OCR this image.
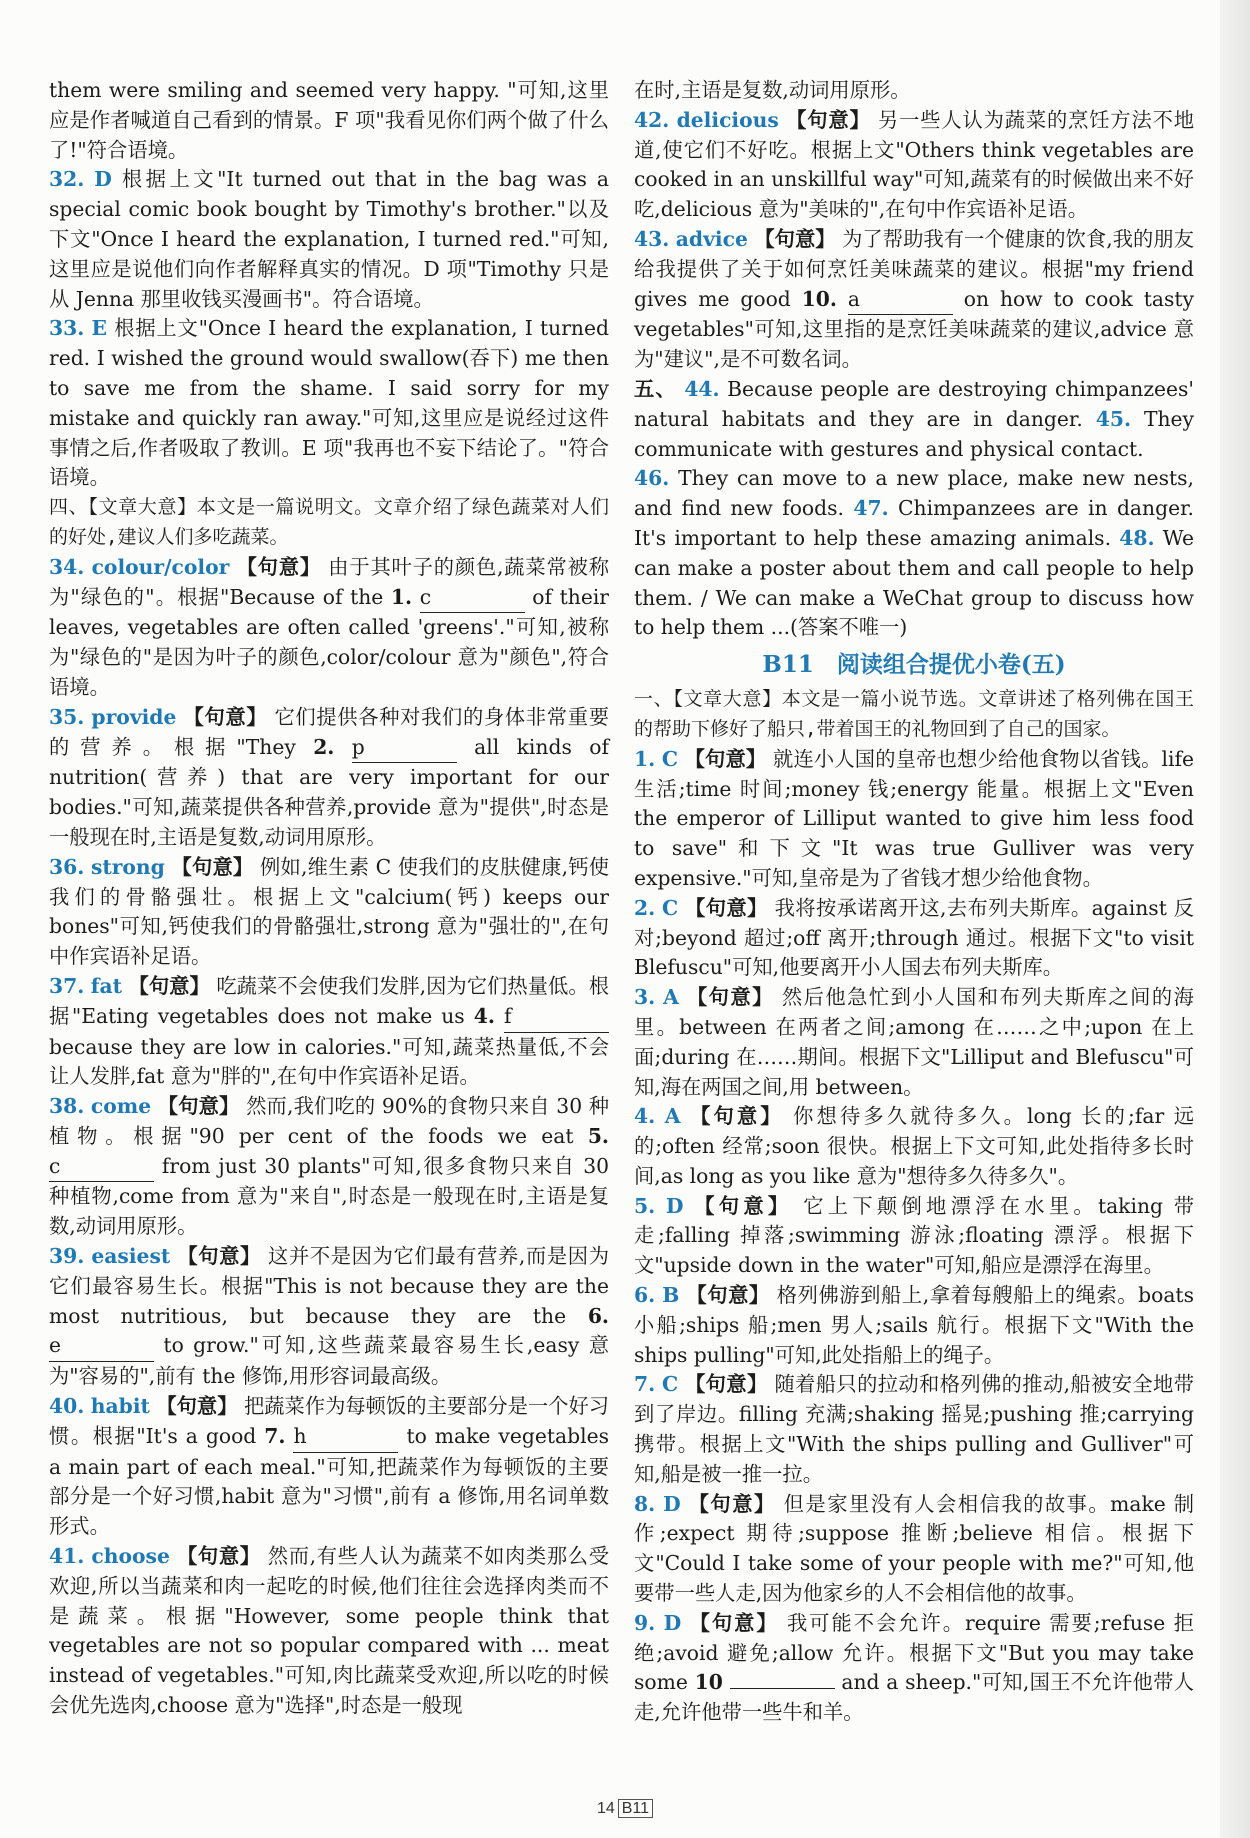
them were smiling and seemed very happy. "可知,这里应是作者喊道自己看到的情景。F 项"我看见你们两个做了什么了!"符合语境。

32. D 根据上文"It turned out that in the bag was a special comic book bought by Timothy's brother."以及下文"Once I heard the explanation, I turned red."可知,这里应是说他们向作者解释真实的情况。D 项"Timothy 只是从 Jenna 那里收钱买漫画书"。符合语境。

33. E 根据上文"Once I heard the explanation, I turned red. I wished the ground would swallow(吞下) me then to save me from the shame. I said sorry for my mistake and quickly ran away."可知,这里应是说经过这件事情之后,作者吸取了教训。E 项"我再也不妄下结论了。"符合语境。

四、【文章大意】本文是一篇说明文。文章介绍了绿色蔬菜对人们的好处,建议人们多吃蔬菜。

34. colour/color 【句意】 由于其叶子的颜色,蔬菜常被称为"绿色的"。根据"Because of the 1. c	of their leaves, vegetables are often called 'greens'."可知,被称为"绿色的"是因为叶子的颜色,color/colour 意为"颜色",符合语境。

35. provide 【句意】 它们提供各种对我们的身体非常重要的营养。根据"They 2. p	all kinds of nutrition(营养) that are very important for our bodies."可知,蔬菜提供各种营养,provide 意为"提供",时态是一般现在时,主语是复数,动词用原形。

36. strong 【句意】 例如,维生素 C 使我们的皮肤健康,钙使我们的骨骼强壮。根据上文"calcium(钙) keeps our bones"可知,钙使我们的骨骼强壮,strong 意为"强壮的",在句中作宾语补足语。

37. fat 【句意】 吃蔬菜不会使我们发胖,因为它们热量低。根据"Eating vegetables does not make us 4. f because they are low in calories."可知,蔬菜热量低,不会让人发胖,fat 意为"胖的",在句中作宾语补足语。

38. come 【句意】 然而,我们吃的 90%的食物只来自 30 种植物。根据"90 per cent of the foods we eat 5. c	from just 30 plants"可知,很多食物只来自 30 种植物,come from 意为"来自",时态是一般现在时,主语是复数,动词用原形。

39. easiest 【句意】 这并不是因为它们最有营养,而是因为它们最容易生长。根据"This is not because they are the most nutritious, but because they are the 6. e	to grow."可知,这些蔬菜最容易生长,easy 意为"容易的",前有 the 修饰,用形容词最高级。

40. habit 【句意】 把蔬菜作为每顿饭的主要部分是一个好习惯。根据"It's a good 7. h	to make vegetables a main part of each meal."可知,把蔬菜作为每顿饭的主要部分是一个好习惯,habit 意为"习惯",前有 a 修饰,用名词单数形式。

41. choose 【句意】 然而,有些人认为蔬菜不如肉类那么受欢迎,所以当蔬菜和肉一起吃的时候,他们往往会选择肉类而不是蔬菜。根据"However, some people think that vegetables are not so popular compared with ... meat instead of vegetables."可知,肉比蔬菜受欢迎,所以吃的时候会优先选肉,choose 意为"选择",时态是一般现

在时,主语是复数,动词用原形。

42. delicious 【句意】 另一些人认为蔬菜的烹饪方法不地道,使它们不好吃。根据上文"Others think vegetables are cooked in an unskillful way"可知,蔬菜有的时候做出来不好吃,delicious 意为"美味的",在句中作宾语补足语。

43. advice 【句意】 为了帮助我有一个健康的饮食,我的朋友给我提供了关于如何烹饪美味蔬菜的建议。根据"my friend gives me good 10. a	on how to cook tasty vegetables"可知,这里指的是烹饪美味蔬菜的建议,advice 意为"建议",是不可数名词。

五、 44. Because people are destroying chimpanzees' natural habitats and they are in danger. 45. They communicate with gestures and physical contact.

46. They can move to a new place, make new nests, and find new foods. 47. Chimpanzees are in danger. It's important to help these amazing animals. 48. We can make a poster about them and call people to help them. / We can make a WeChat group to discuss how to help them ...(答案不唯一)

B11　阅读组合提优小卷(五)

一、【文章大意】本文是一篇小说节选。文章讲述了格列佛在国王的帮助下修好了船只,带着国王的礼物回到了自己的国家。

1. C 【句意】 就连小人国的皇帝也想少给他食物以省钱。life 生活;time 时间;money 钱;energy 能量。根据上文"Even the emperor of Lilliput wanted to give him less food to save"和下文"It was true Gulliver was very expensive."可知,皇帝是为了省钱才想少给他食物。

2. C 【句意】 我将按承诺离开这,去布列夫斯库。against 反对;beyond 超过;off 离开;through 通过。根据下文"to visit Blefuscu"可知,他要离开小人国去布列夫斯库。

3. A 【句意】 然后他急忙到小人国和布列夫斯库之间的海里。between 在两者之间;among 在……之中;upon 在上面;during 在……期间。根据下文"Lilliput and Blefuscu"可知,海在两国之间,用 between。

4. A 【句意】 你想待多久就待多久。long 长的;far 远的;often 经常;soon 很快。根据上下文可知,此处指待多长时间,as long as you like 意为"想待多久待多久"。

5. D 【句意】 它上下颠倒地漂浮在水里。taking 带走;falling 掉落;swimming 游泳;floating 漂浮。根据下文"upside down in the water"可知,船应是漂浮在海里。

6. B 【句意】 格列佛游到船上,拿着每艘船上的绳索。boats 小船;ships 船;men 男人;sails 航行。根据下文"With the ships pulling"可知,此处指船上的绳子。

7. C 【句意】 随着船只的拉动和格列佛的推动,船被安全地带到了岸边。filling 充满;shaking 摇晃;pushing 推;carrying 携带。根据上文"With the ships pulling and Gulliver"可知,船是被一推一拉。

8. D 【句意】 但是家里没有人会相信我的故事。make 制作;expect 期待;suppose 推断;believe 相信。根据下文"Could I take some of your people with me?"可知,他要带一些人走,因为他家乡的人不会相信他的故事。

9. D 【句意】 我可能不会允许。require 需要;refuse 拒绝;avoid 避免;allow 允许。根据下文"But you may take some 10	and a sheep."可知,国王不允许他带人走,允许他带一些牛和羊。

14 B11
